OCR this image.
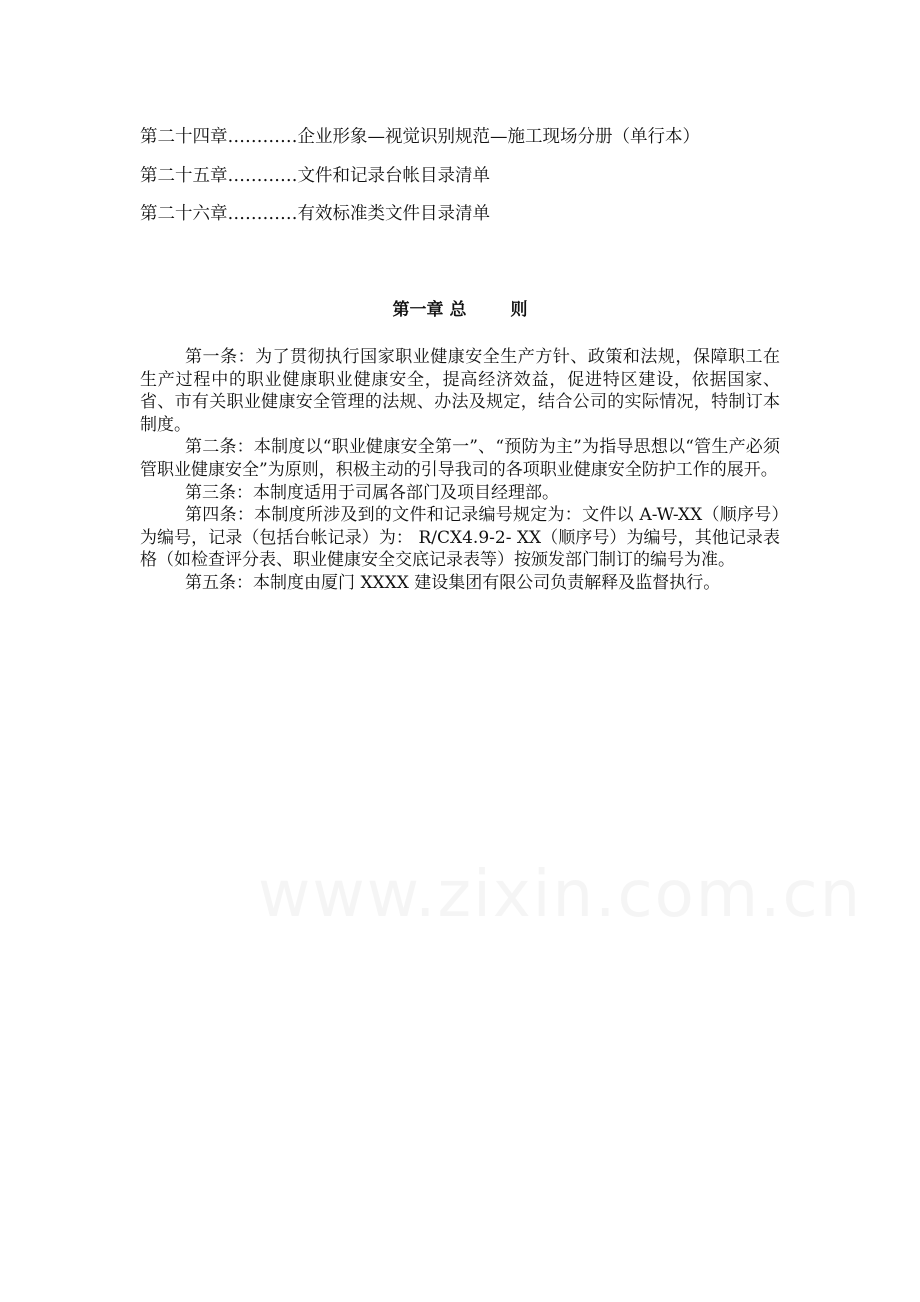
第二十四章…………企业形象—视觉识别规范—施工现场分册（单行本）
第二十五章…………文件和记录台帐目录清单
第二十六章…………有效标准类文件目录清单
第一章 总	则

第一条：为了贯彻执行国家职业健康安全生产方针、政策和法规，保障职工在生产过程中的职业健康职业健康安全，提高经济效益，促进特区建设，依据国家、省、市有关职业健康安全管理的法规、办法及规定，结合公司的实际情况，特制订本制度。

第二条：本制度以“职业健康安全第一”、“预防为主”为指导思想以“管生产必须管职业健康安全”为原则，积极主动的引导我司的各项职业健康安全防护工作的展开。

第三条：本制度适用于司属各部门及项目经理部。

第四条：本制度所涉及到的文件和记录编号规定为：文件以 A-W-XX（顺序号）为编号，记录（包括台帐记录）为： R/CX4.9-2- XX（顺序号）为编号，其他记录表格（如检查评分表、职业健康安全交底记录表等）按颁发部门制订的编号为准。

第五条：本制度由厦门 XXXX 建设集团有限公司负责解释及监督执行。

www.zixin.com.cn
